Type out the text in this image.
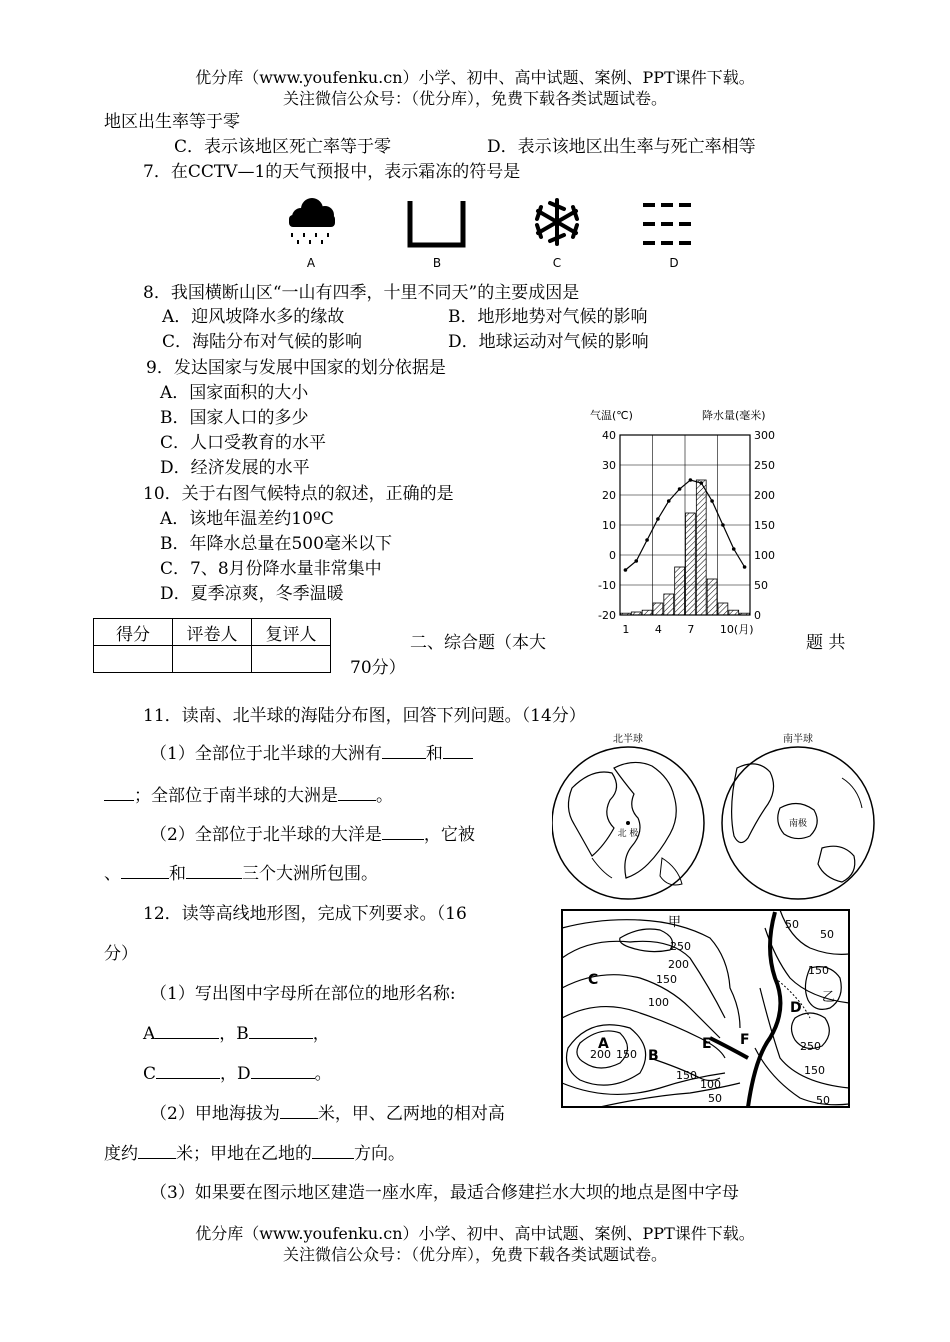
优分库（www.youfenku.cn）小学、初中、高中试题、案例、PPT课件下载。
关注微信公众号：（优分库），免费下载各类试题试卷。
地区出生率等于零
C．表示该地区死亡率等于零	D．表示该地区出生率与死亡率相等
7．在CCTV—1的天气预报中，表示霜冻的符号是
A	B	C	D
8．我国横断山区“一山有四季，十里不同天”的主要成因是
A．迎风坡降水多的缘故	B．地形地势对气候的影响
C．海陆分布对气候的影响	D．地球运动对气候的影响
9．发达国家与发展中国家的划分依据是
A．国家面积的大小
B．国家人口的多少
C．人口受教育的水平
D．经济发展的水平
10．关于右图气候特点的叙述，正确的是
A．该地年温差约10ºC
B．年降水总量在500毫米以下
C．7、8月份降水量非常集中
D．夏季凉爽，冬季温暖
气温(℃)	降水量(毫米)
40
30
20
10
0
-10
-20
300
250
200
150
100
50
0
1 4 7 10(月)
得分	评卷人	复评人
			二、综合题（本大	题 共
70分）
11．读南、北半球的海陆分布图，回答下列问题。（14分）
（1）全部位于北半球的大洲有	和
；全部位于南半球的大洲是 。
（2）全部位于北半球的大洋是 ，它被
、	和	三个大洲所包围。
北半球	南半球
北 极
南极
12．读等高线地形图，完成下列要求。（16
分）
（1）写出图中字母所在部位的地形名称:
A	，B	，
C	，D	。
（2）甲地海拔为 米，甲、乙两地的相对高
度约 米；甲地在乙地的 方向。
（3）如果要在图示地区建造一座水库，最适合修建拦水大坝的地点是图中字母
甲
乙
A
B
C
D
E F
250
200
150
100
50
50
150
250
150
50
200 150
150
100
50
优分库（www.youfenku.cn）小学、初中、高中试题、案例、PPT课件下载。
关注微信公众号：（优分库），免费下载各类试题试卷。
